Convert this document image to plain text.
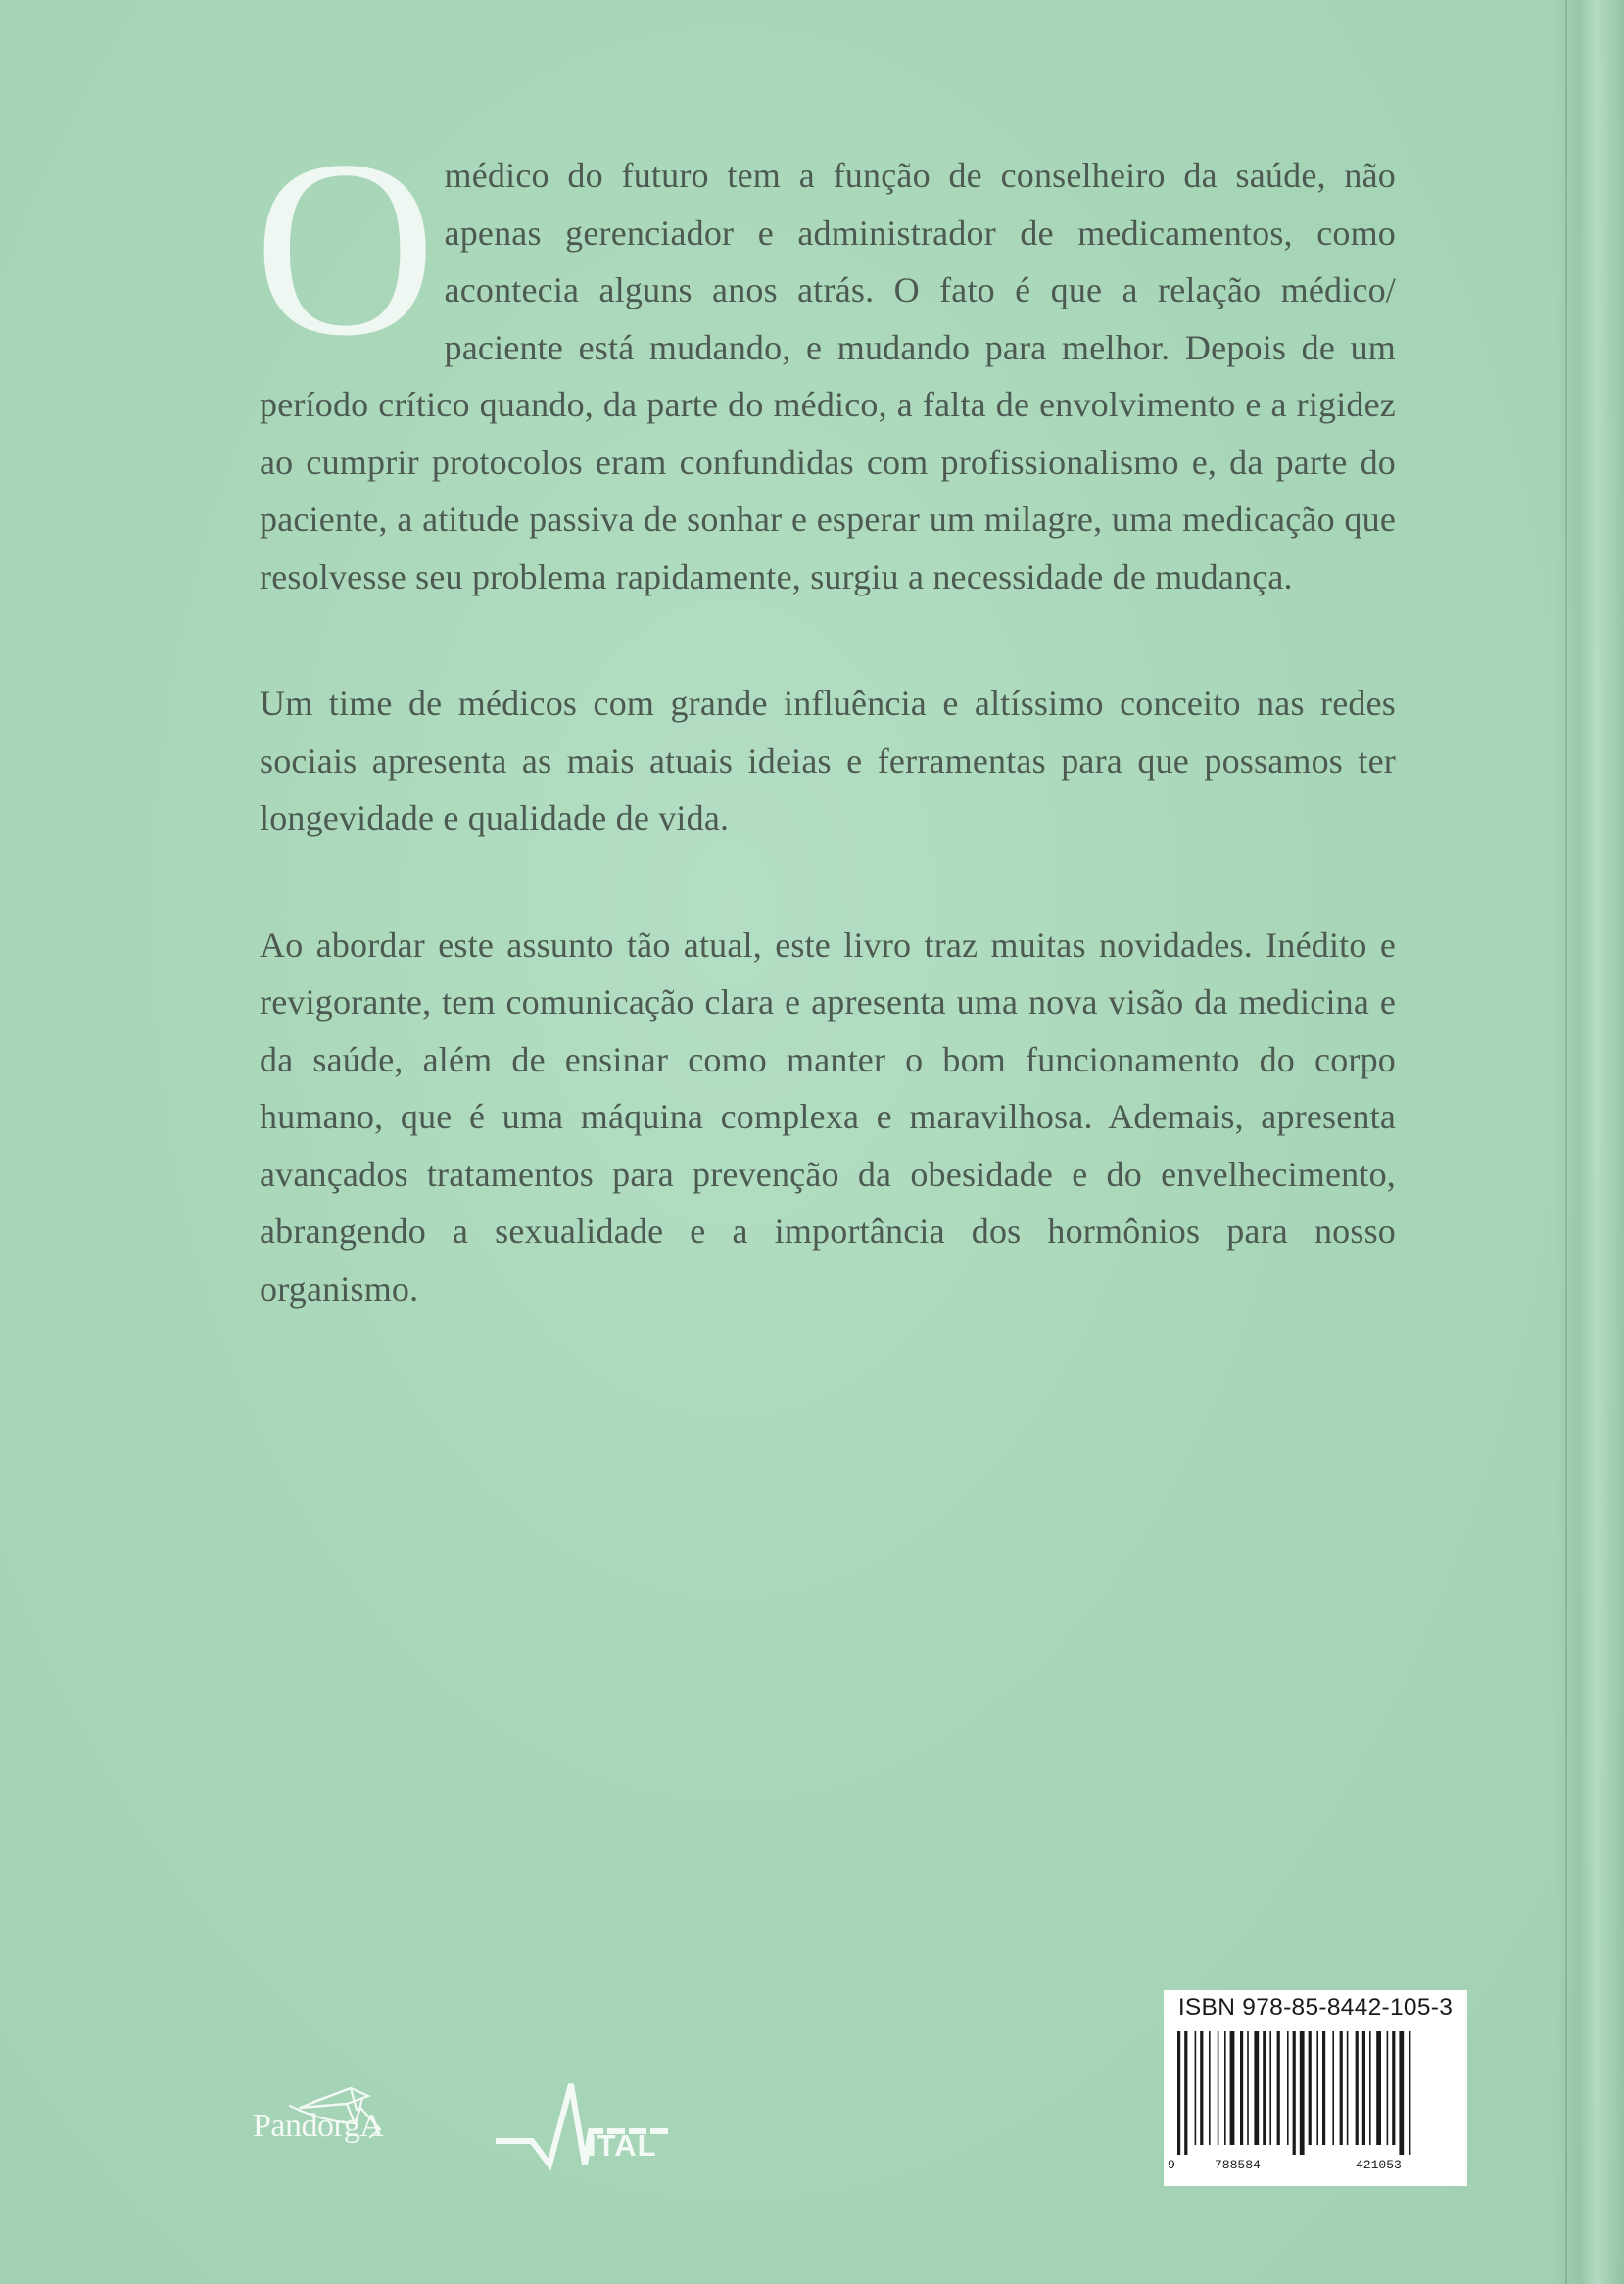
Omédico do futuro tem a função de conselheiro da saúde, não apenas gerenciador e administrador de medicamentos, como acontecia alguns anos atrás. O fato é que a relação médico/ paciente está mudando, e mudando para melhor. Depois de um período crítico quando, da parte do médico, a falta de envolvimento e a rigidez ao cumprir protocolos eram confundidas com profissionalismo e, da parte do paciente, a atitude passiva de sonhar e esperar um milagre, uma medicação que resolvesse seu problema rapidamente, surgiu a necessidade de mudança.

Um time de médicos com grande influência e altíssimo conceito nas redes sociais apresenta as mais atuais ideias e ferramentas para que possamos ter longevidade e qualidade de vida.

Ao abordar este assunto tão atual, este livro traz muitas novidades. Inédito e revigorante, tem comunicação clara e apresenta uma nova visão da medicina e da saúde, além de ensinar como manter o bom funcionamento do corpo humano, que é uma máquina complexa e maravilhosa. Ademais, apresenta avançados tratamentos para prevenção da obesidade e do envelhecimento, abrangendo a sexualidade e a importância dos hormônios para nosso organismo.

PandorgA
ITAL
ISBN 978-85-8442-105-3
9	788584	421053
